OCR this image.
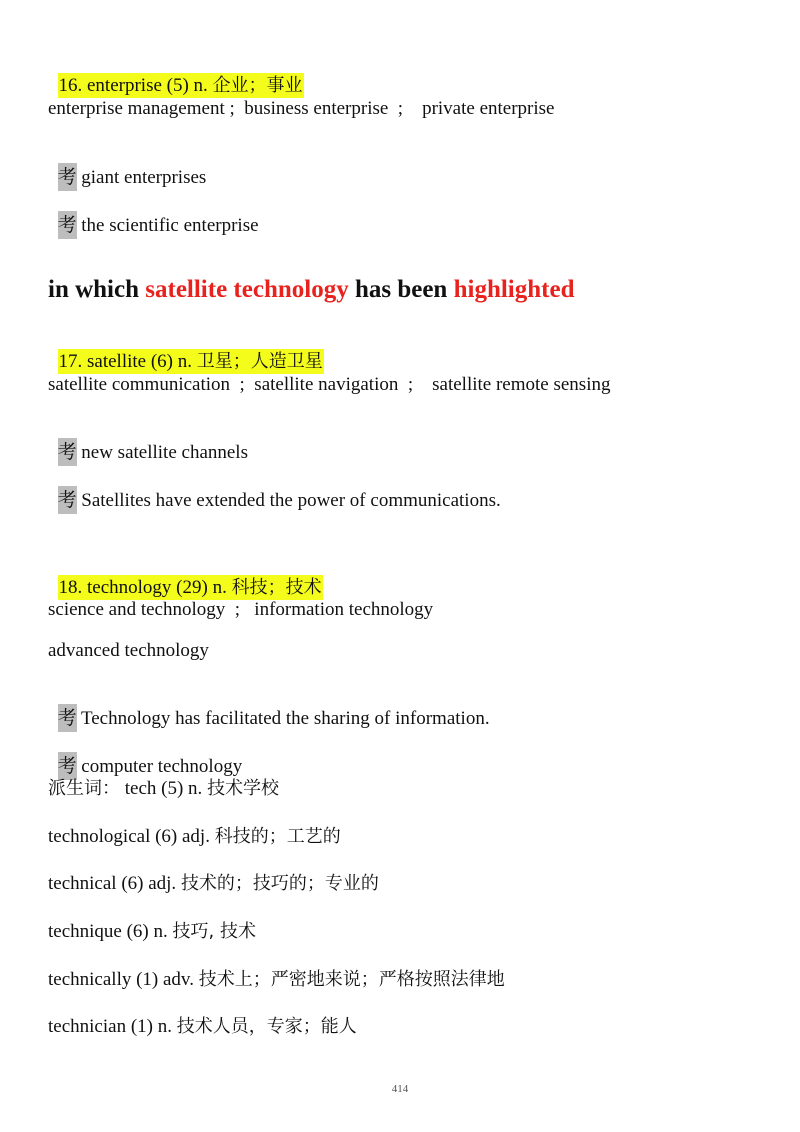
16. enterprise (5) n. 企业；事业

enterprise management ;  business enterprise  ;    private enterprise

考 giant enterprises

考 the scientific enterprise

in which satellite technology has been highlighted

17. satellite (6) n. 卫星；人造卫星

satellite communication  ;  satellite navigation  ;    satellite remote sensing

考 new satellite channels

考 Satellites have extended the power of communications.

18. technology (29) n. 科技；技术

science and technology  ;   information technology
advanced technology

考 Technology has facilitated the sharing of information.

考 computer technology

派生词： tech (5) n. 技术学校
technological (6) adj. 科技的；工艺的
technical (6) adj. 技术的；技巧的；专业的
technique (6) n. 技巧, 技术
technically (1) adv. 技术上；严密地来说；严格按照法律地
technician (1) n. 技术人员，专家；能人
414
